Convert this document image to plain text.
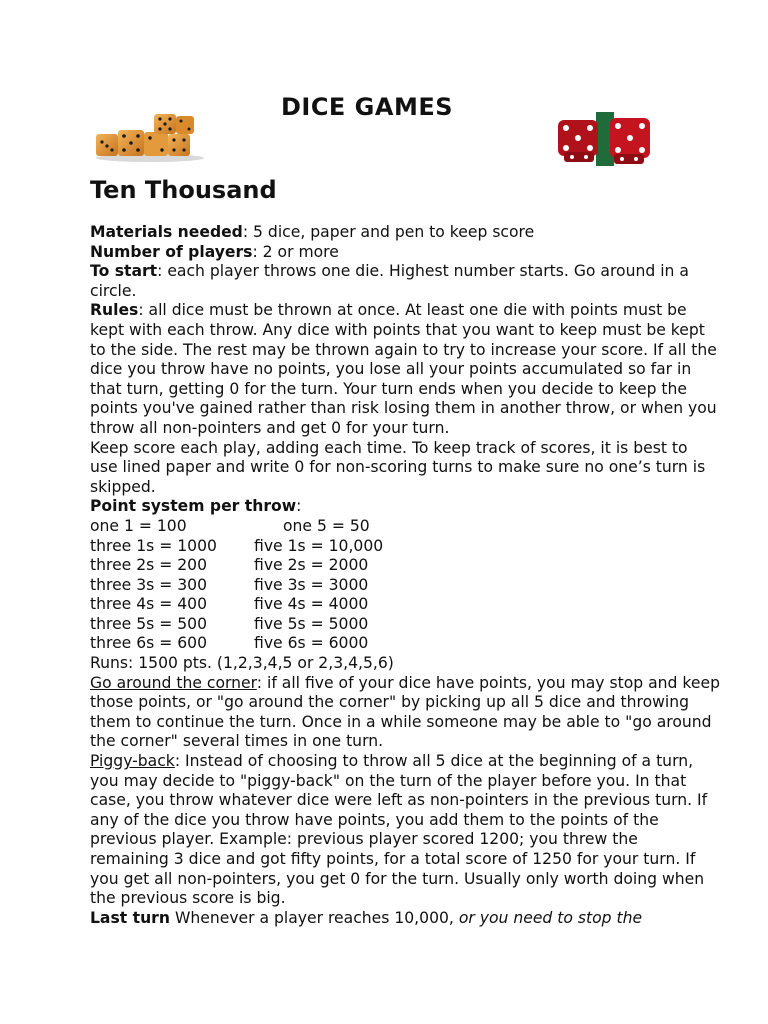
DICE GAMES
Ten Thousand

Materials needed: 5 dice, paper and pen to keep score

Number of players: 2 or more

To start: each player throws one die. Highest number starts. Go around in a circle.

Rules: all dice must be thrown at once. At least one die with points must be kept with each throw. Any dice with points that you want to keep must be kept to the side. The rest may be thrown again to try to increase your score. If all the dice you throw have no points, you lose all your points accumulated so far in that turn, getting 0 for the turn. Your turn ends when you decide to keep the points you've gained rather than risk losing them in another throw, or when you throw all non-pointers and get 0 for your turn.

Keep score each play, adding each time. To keep track of scores, it is best to use lined paper and write 0 for non-scoring turns to make sure no one’s turn is skipped.

Point system per throw:

one 1 = 100	one 5 = 50
three 1s = 1000	five 1s = 10,000
three 2s = 200	five 2s = 2000
three 3s = 300	five 3s = 3000
three 4s = 400	five 4s = 4000
three 5s = 500	five 5s = 5000
three 6s = 600	five 6s = 6000

Runs: 1500 pts. (1,2,3,4,5 or 2,3,4,5,6)

Go around the corner: if all five of your dice have points, you may stop and keep those points, or "go around the corner" by picking up all 5 dice and throwing them to continue the turn. Once in a while someone may be able to "go around the corner" several times in one turn.

Piggy-back: Instead of choosing to throw all 5 dice at the beginning of a turn, you may decide to "piggy-back" on the turn of the player before you. In that case, you throw whatever dice were left as non-pointers in the previous turn. If any of the dice you throw have points, you add them to the points of the previous player. Example: previous player scored 1200; you threw the remaining 3 dice and got fifty points, for a total score of 1250 for your turn. If you get all non-pointers, you get 0 for the turn. Usually only worth doing when the previous score is big.

Last turn Whenever a player reaches 10,000, or you need to stop the
